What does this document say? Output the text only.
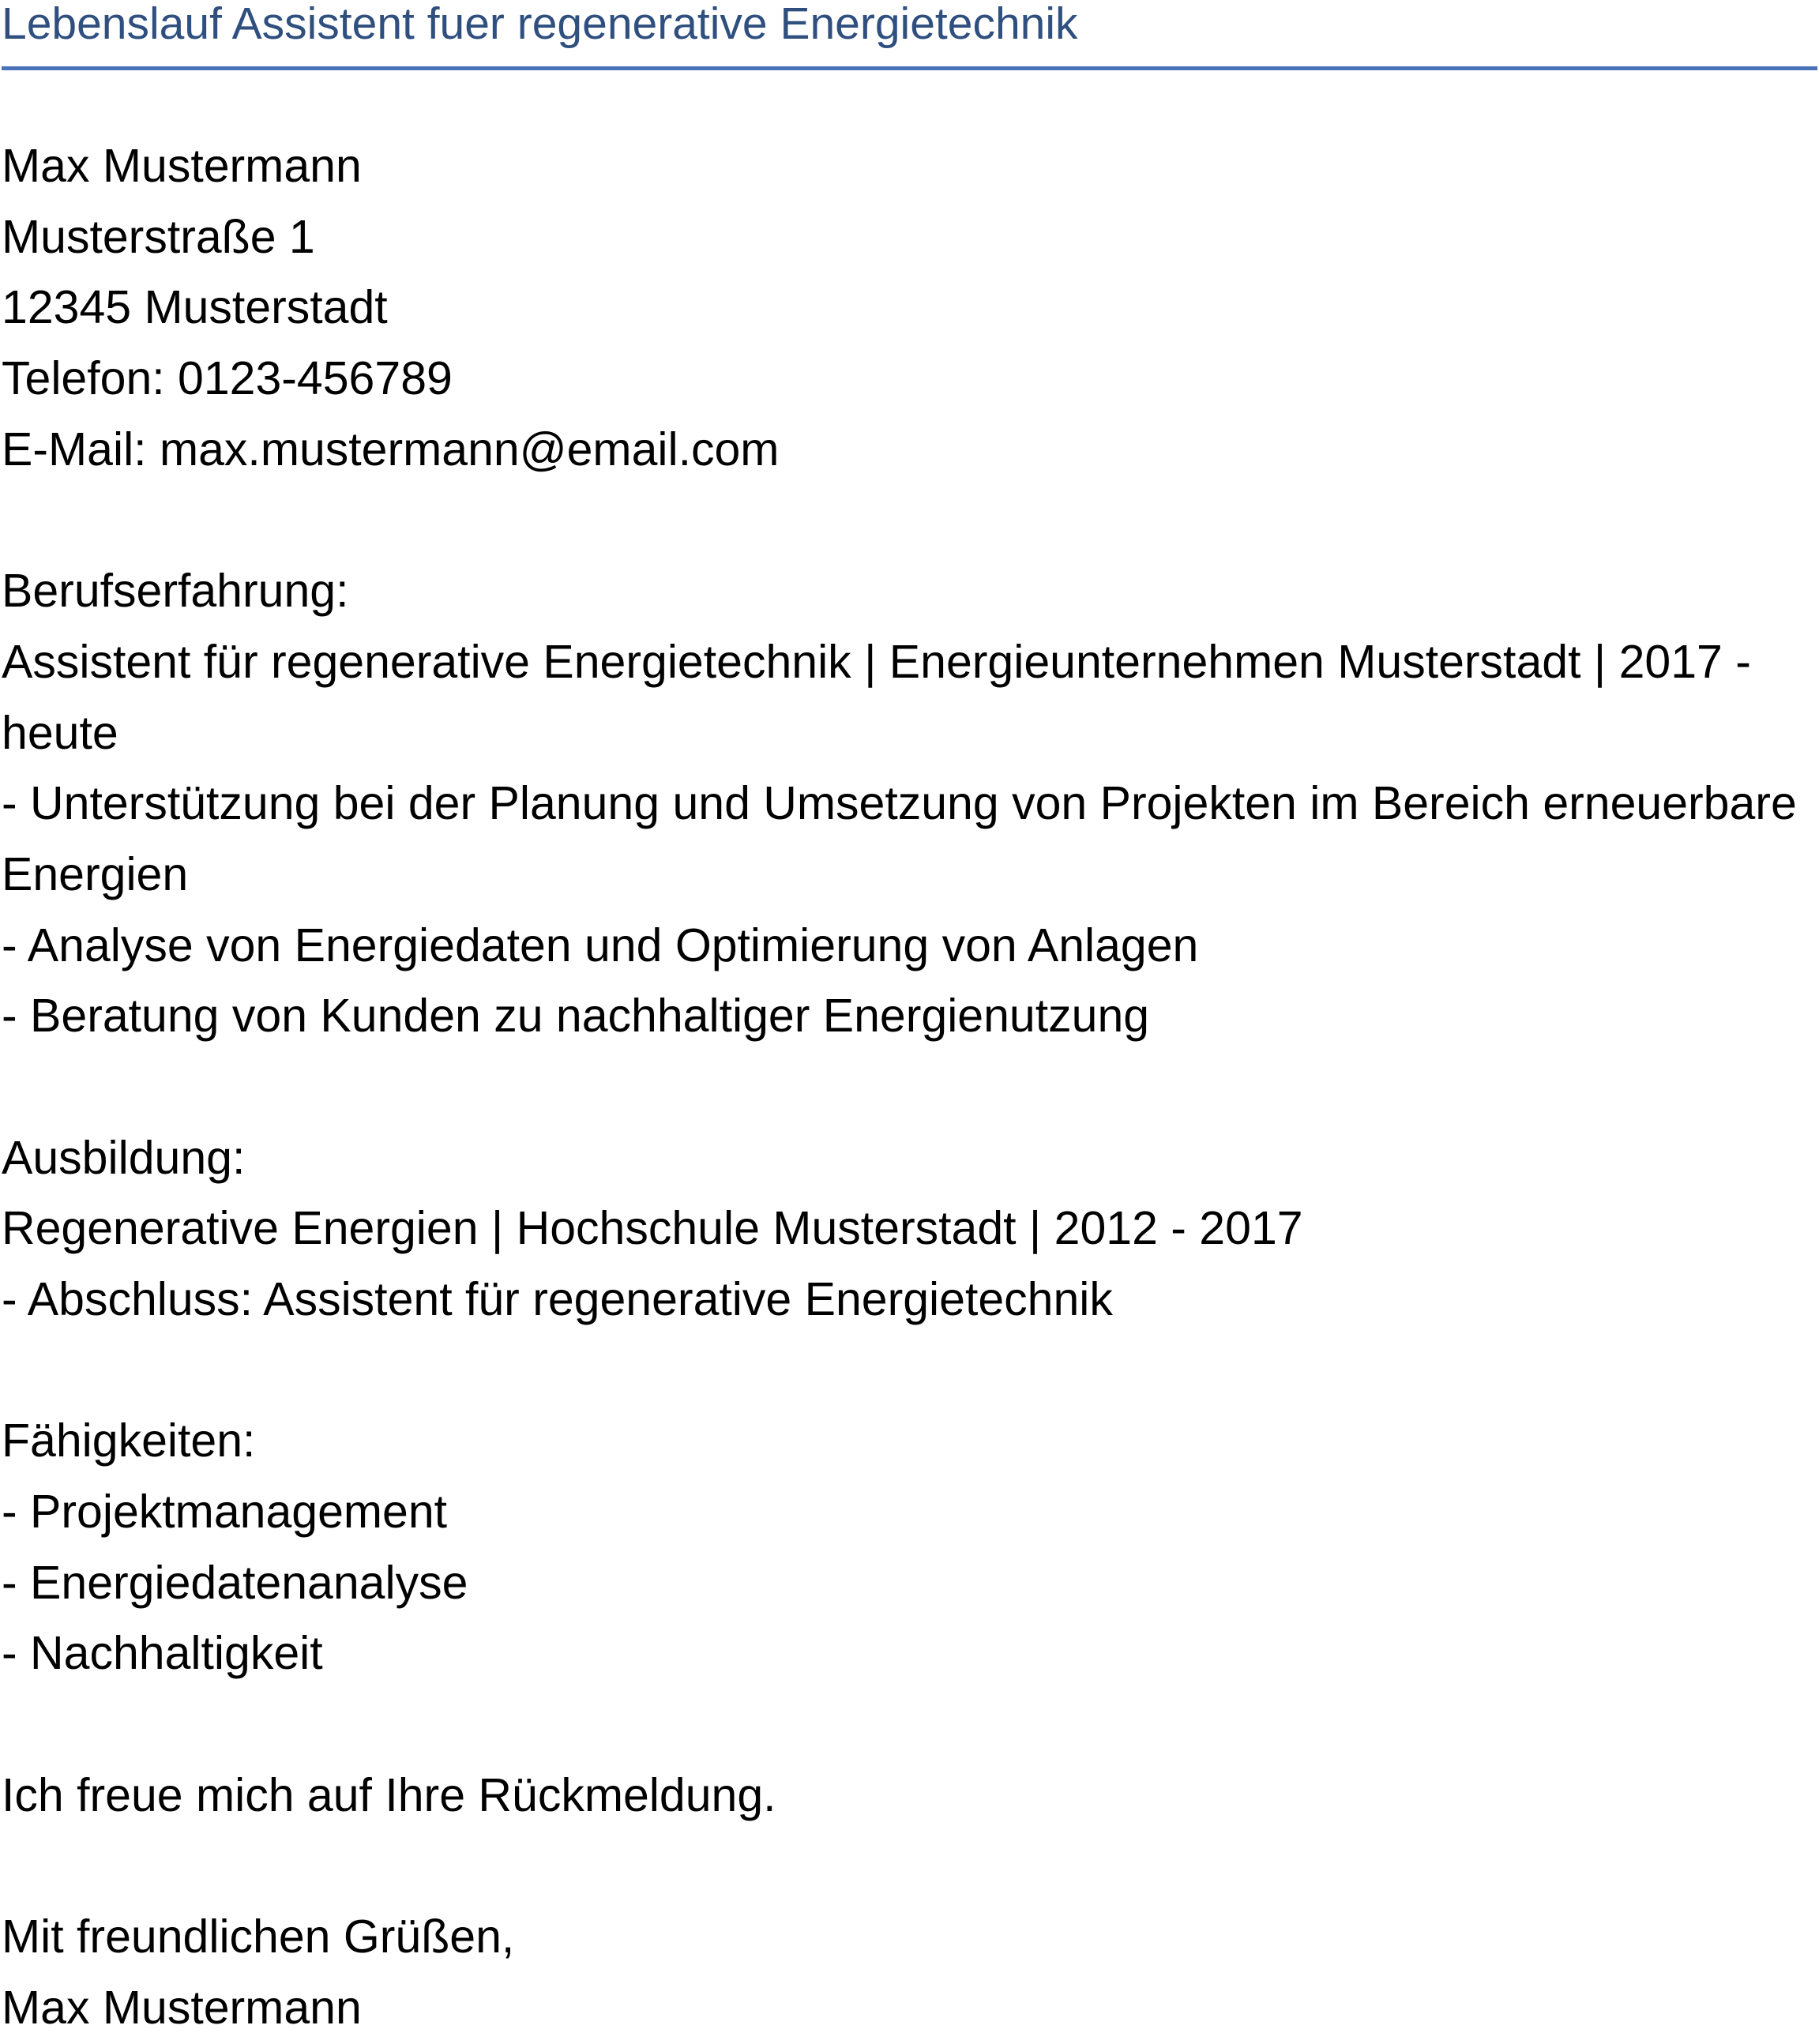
Lebenslauf Assistent fuer regenerative Energietechnik
Max Mustermann
Musterstraße 1
12345 Musterstadt
Telefon: 0123-456789
E-Mail: max.mustermann@email.com
Berufserfahrung:
Assistent für regenerative Energietechnik | Energieunternehmen Musterstadt | 2017 -
heute
- Unterstützung bei der Planung und Umsetzung von Projekten im Bereich erneuerbare
Energien
- Analyse von Energiedaten und Optimierung von Anlagen
- Beratung von Kunden zu nachhaltiger Energienutzung
Ausbildung:
Regenerative Energien | Hochschule Musterstadt | 2012 - 2017
- Abschluss: Assistent für regenerative Energietechnik
Fähigkeiten:
- Projektmanagement
- Energiedatenanalyse
- Nachhaltigkeit
Ich freue mich auf Ihre Rückmeldung.
Mit freundlichen Grüßen,
Max Mustermann
